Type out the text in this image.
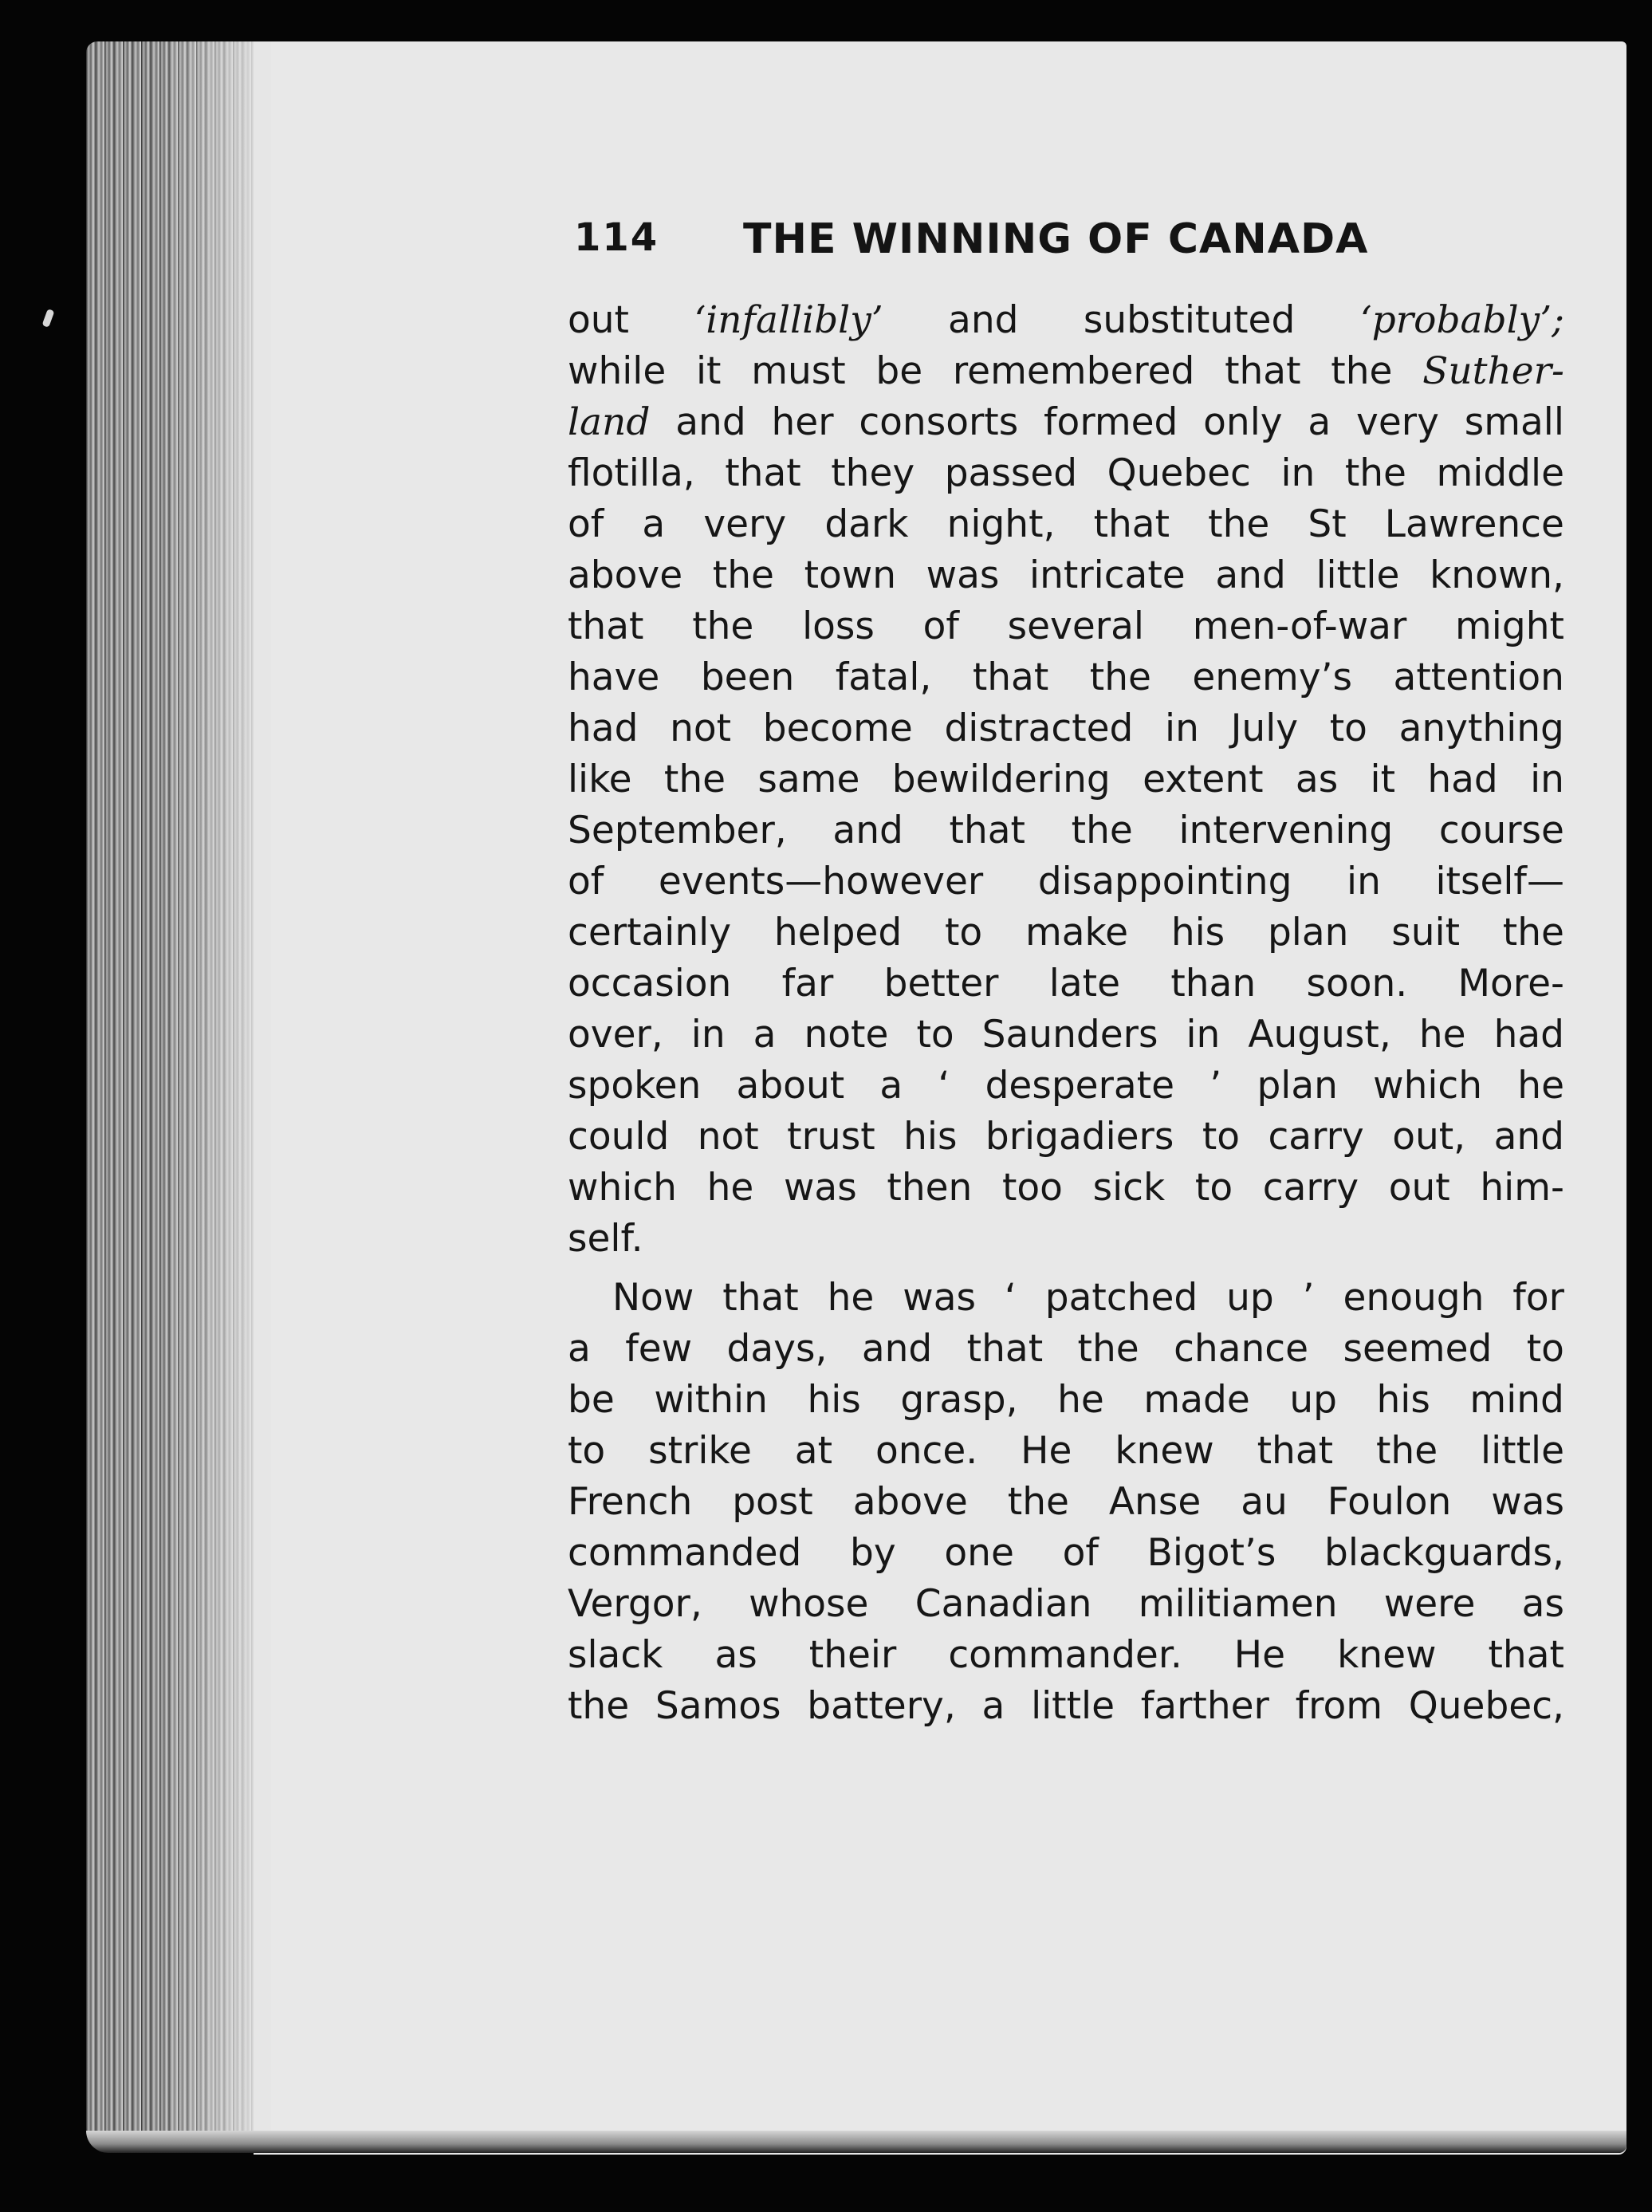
114 THE WINNING OF CANADA
out ‘infallibly’ and substituted ‘probably’;
while it must be remembered that the Suther-
land and her consorts formed only a very small
flotilla, that they passed Quebec in the middle
of a very dark night, that the St Lawrence
above the town was intricate and little known,
that the loss of several men-of-war might
have been fatal, that the enemy’s attention
had not become distracted in July to anything
like the same bewildering extent as it had in
September, and that the intervening course
of events—however disappointing in itself—
certainly helped to make his plan suit the
occasion far better late than soon. More-
over, in a note to Saunders in August, he had
spoken about a ‘ desperate ’ plan which he
could not trust his brigadiers to carry out, and
which he was then too sick to carry out him-
self.
Now that he was ‘ patched up ’ enough for
a few days, and that the chance seemed to
be within his grasp, he made up his mind
to strike at once. He knew that the little
French post above the Anse au Foulon was
commanded by one of Bigot’s blackguards,
Vergor, whose Canadian militiamen were as
slack as their commander. He knew that
the Samos battery, a little farther from Quebec,
